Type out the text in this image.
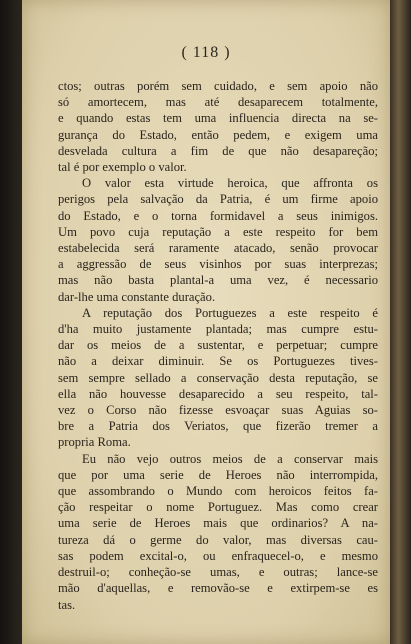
( 118 )
ctos; outras porém sem cuidado, e sem apoio não
só amortecem, mas até desaparecem totalmente,
e quando estas tem uma influencia directa na se-
gurança do Estado, então pedem, e exigem uma
desvelada cultura a fim de que não desapareção;
tal é por exemplo o valor.
O valor esta virtude heroica, que affronta os
perigos pela salvação da Patria, é um firme apoio
do Estado, e o torna formidavel a seus inimigos.
Um povo cuja reputação a este respeito for bem
estabelecida será raramente atacado, senão provocar
a aggressão de seus visinhos por suas interprezas;
mas não basta plantal-a uma vez, é necessario
dar-lhe uma constante duração.
A reputação dos Portuguezes a este respeito é
d'ha muito justamente plantada; mas cumpre estu-
dar os meios de a sustentar, e perpetuar; cumpre
não a deixar diminuir. Se os Portuguezes tives-
sem sempre sellado a conservação desta reputação, se
ella não houvesse desaparecido a seu respeito, tal-
vez o Corso não fizesse esvoaçar suas Aguias so-
bre a Patria dos Veriatos, que fizerão tremer a
propria Roma.
Eu não vejo outros meios de a conservar mais
que por uma serie de Heroes não interrompida,
que assombrando o Mundo com heroicos feitos fa-
ção respeitar o nome Portuguez. Mas como crear
uma serie de Heroes mais que ordinarios? A na-
tureza dá o germe do valor, mas diversas cau-
sas podem excital-o, ou enfraquecel-o, e mesmo
destruil-o; conheção-se umas, e outras; lance-se
mão d'aquellas, e removão-se e extirpem-se es
tas.
